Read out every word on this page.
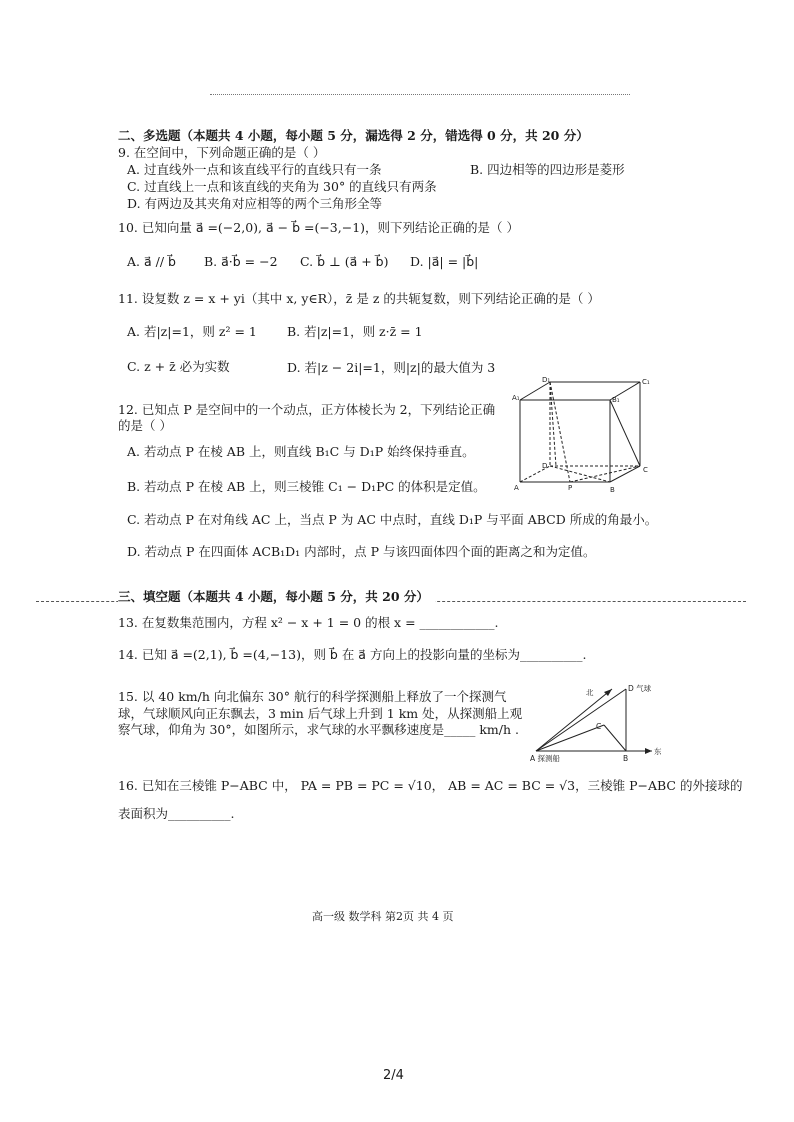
二、多选题（本题共 4 小题，每小题 5 分，漏选得 2 分，错选得 0 分，共 20 分）
9. 在空间中，下列命题正确的是（ ）
A. 过直线外一点和该直线平行的直线只有一条	B. 四边相等的四边形是菱形
C. 过直线上一点和该直线的夹角为 30° 的直线只有两条
D. 有两边及其夹角对应相等的两个三角形全等
10. 已知向量 a⃗ =(−2,0), a⃗ − b⃗ =(−3,−1)，则下列结论正确的是（ ）
A. a⃗ // b⃗ B. a⃗·b⃗ = −2 C. b⃗ ⊥ (a⃗ + b⃗) D. |a⃗| = |b⃗|
11. 设复数 z = x + yi（其中 x, y∈R），z̄ 是 z 的共轭复数，则下列结论正确的是（ ）
A. 若|z|=1，则 z² = 1 B. 若|z|=1，则 z·z̄ = 1
C. z + z̄ 必为实数	D. 若|z − 2i|=1，则|z|的最大值为 3
12. 已知点 P 是空间中的一个动点，正方体棱长为 2，下列结论正确
的是（ ）
A. 若动点 P 在棱 AB 上，则直线 B₁C 与 D₁P 始终保持垂直。
B. 若动点 P 在棱 AB 上，则三棱锥 C₁ − D₁PC 的体积是定值。
C. 若动点 P 在对角线 AC 上，当点 P 为 AC 中点时，直线 D₁P 与平面 ABCD 所成的角最小。
D. 若动点 P 在四面体 ACB₁D₁ 内部时，点 P 与该四面体四个面的距离之和为定值。
D₁	C₁
A₁	B₁
D	C
A	B
P
三、填空题（本题共 4 小题，每小题 5 分，共 20 分）
13. 在复数集范围内，方程 x² − x + 1 = 0 的根 x = ____________.
14. 已知 a⃗ =(2,1), b⃗ =(4,−13)，则 b⃗ 在 a⃗ 方向上的投影向量的坐标为__________.
15. 以 40 km/h 向北偏东 30° 航行的科学探测船上释放了一个探测气
球，气球顺风向正东飘去，3 min 后气球上升到 1 km 处，从探测船上观
察气球，仰角为 30°，如图所示，求气球的水平飘移速度是_____ km/h .
北	D 气球
C
B
东
A 探测船
16. 已知在三棱锥 P−ABC 中， PA = PB = PC = √10， AB = AC = BC = √3，三棱锥 P−ABC 的外接球的
表面积为__________.
高一级 数学科 第2页 共 4 页
2/4
